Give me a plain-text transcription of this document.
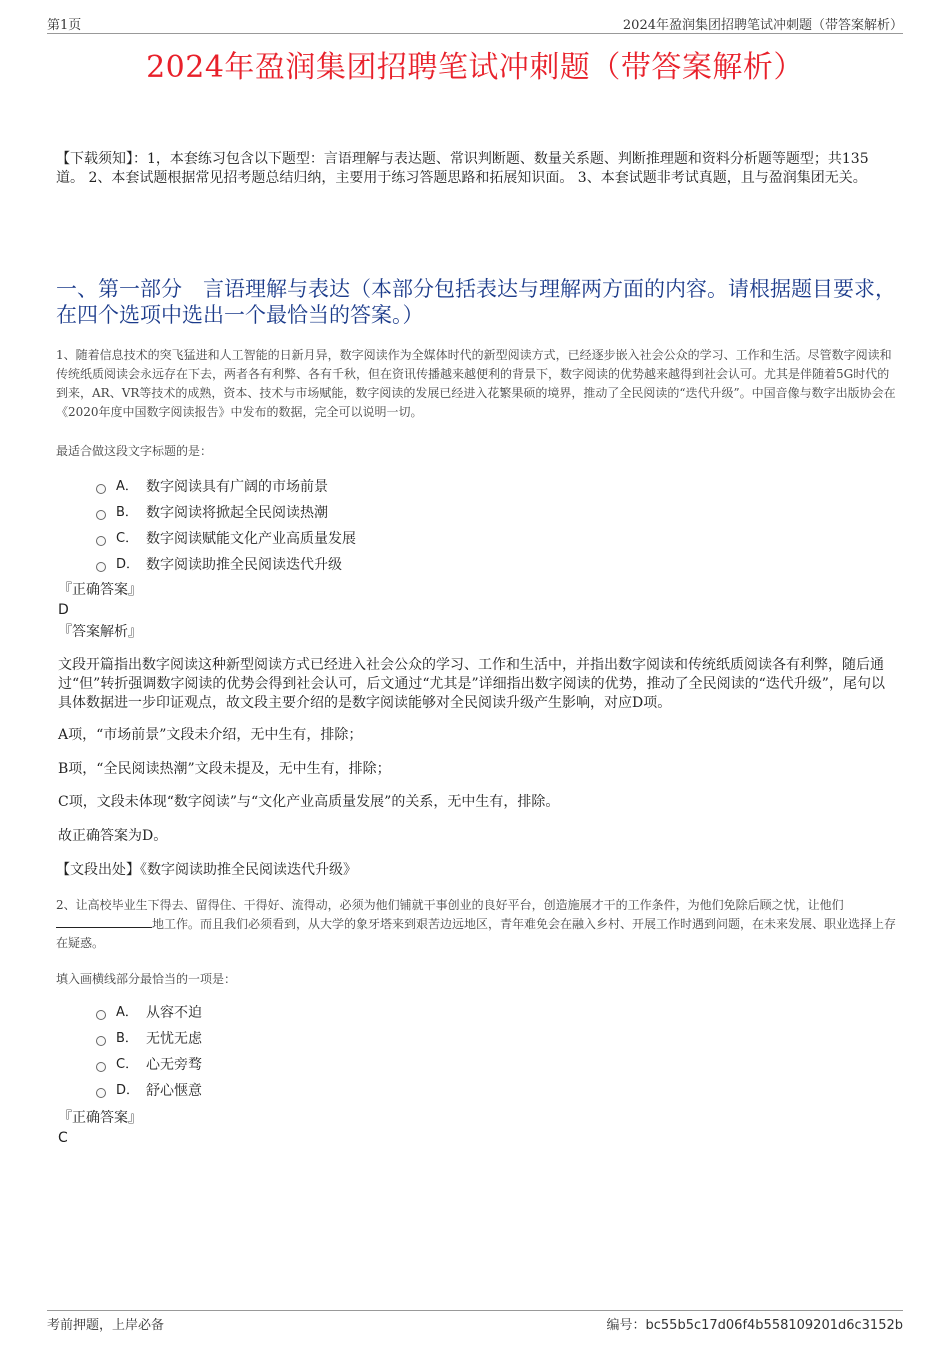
第1页	2024年盈润集团招聘笔试冲刺题（带答案解析）
2024年盈润集团招聘笔试冲刺题（带答案解析）
【下载须知】：1，本套练习包含以下题型：言语理解与表达题、常识判断题、数量关系题、判断推理题和资料分析题等题型；共135道。 2、本套试题根据常见招考题总结归纳，主要用于练习答题思路和拓展知识面。 3、本套试题非考试真题，且与盈润集团无关。
一、第一部分　言语理解与表达（本部分包括表达与理解两方面的内容。请根据题目要求，在四个选项中选出一个最恰当的答案。）
1、随着信息技术的突飞猛进和人工智能的日新月异，数字阅读作为全媒体时代的新型阅读方式，已经逐步嵌入社会公众的学习、工作和生活。尽管数字阅读和传统纸质阅读会永远存在下去，两者各有利弊、各有千秋，但在资讯传播越来越便利的背景下，数字阅读的优势越来越得到社会认可。尤其是伴随着5G时代的到来，AR、VR等技术的成熟，资本、技术与市场赋能，数字阅读的发展已经进入花繁果硕的境界，推动了全民阅读的“迭代升级”。中国音像与数字出版协会在《2020年度中国数字阅读报告》中发布的数据，完全可以说明一切。
最适合做这段文字标题的是：
A． 数字阅读具有广阔的市场前景
B． 数字阅读将掀起全民阅读热潮
C． 数字阅读赋能文化产业高质量发展
D． 数字阅读助推全民阅读迭代升级
『正确答案』
D
『答案解析』
文段开篇指出数字阅读这种新型阅读方式已经进入社会公众的学习、工作和生活中，并指出数字阅读和传统纸质阅读各有利弊，随后通过“但”转折强调数字阅读的优势会得到社会认可，后文通过“尤其是”详细指出数字阅读的优势，推动了全民阅读的“迭代升级”，尾句以具体数据进一步印证观点，故文段主要介绍的是数字阅读能够对全民阅读升级产生影响，对应D项。
A项，“市场前景”文段未介绍，无中生有，排除；
B项，“全民阅读热潮”文段未提及，无中生有，排除；
C项，文段未体现“数字阅读”与“文化产业高质量发展”的关系，无中生有，排除。
故正确答案为D。
【文段出处】《数字阅读助推全民阅读迭代升级》
2、让高校毕业生下得去、留得住、干得好、流得动，必须为他们铺就干事创业的良好平台，创造施展才干的工作条件，为他们免除后顾之忧，让他们地工作。而且我们必须看到，从大学的象牙塔来到艰苦边远地区，青年难免会在融入乡村、开展工作时遇到问题，在未来发展、职业选择上存在疑惑。
填入画横线部分最恰当的一项是：
A． 从容不迫
B． 无忧无虑
C． 心无旁骛
D． 舒心惬意
『正确答案』
C
考前押题，上岸必备	编号：bc55b5c17d06f4b558109201d6c3152b
